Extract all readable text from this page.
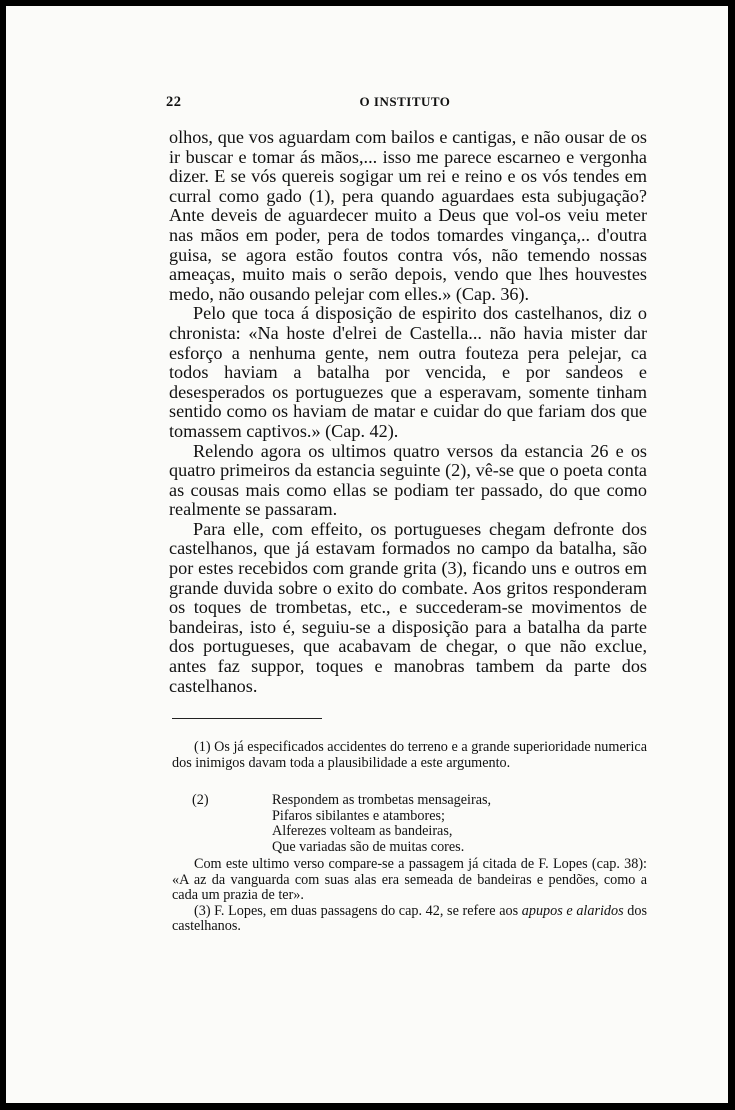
22	O INSTITUTO

olhos, que vos aguardam com bailos e cantigas, e não ousar de os ir buscar e tomar ás mãos,... isso me parece escarneo e vergonha dizer. E se vós quereis sogigar um rei e reino e os vós tendes em curral como gado (1), pera quando aguardaes esta subjugação? Ante deveis de aguardecer muito a Deus que vol-os veiu meter nas mãos em poder, pera de todos tomardes vingança,.. d'outra guisa, se agora estão foutos contra vós, não temendo nossas ameaças, muito mais o serão depois, vendo que lhes houvestes medo, não ousando pelejar com elles.» (Cap. 36).

Pelo que toca á disposição de espirito dos castelhanos, diz o chronista: «Na hoste d'elrei de Castella... não havia mister dar esforço a nenhuma gente, nem outra fouteza pera pelejar, ca todos haviam a batalha por vencida, e por sandeos e desesperados os portuguezes que a esperavam, somente tinham sentido como os haviam de matar e cuidar do que fariam dos que tomassem captivos.» (Cap. 42).

Relendo agora os ultimos quatro versos da estancia 26 e os quatro primeiros da estancia seguinte (2), vê-se que o poeta conta as cousas mais como ellas se podiam ter passado, do que como realmente se passaram.

Para elle, com effeito, os portugueses chegam defronte dos castelhanos, que já estavam formados no campo da batalha, são por estes recebidos com grande grita (3), ficando uns e outros em grande duvida sobre o exito do combate. Aos gritos responderam os toques de trombetas, etc., e succederam-se movimentos de bandeiras, isto é, seguiu-se a disposição para a batalha da parte dos portugueses, que acabavam de chegar, o que não exclue, antes faz suppor, toques e manobras tambem da parte dos castelhanos.

(1) Os já especificados accidentes do terreno e a grande superioridade numerica dos inimigos davam toda a plausibilidade a este argumento.

(2)	Respondem as trombetas mensageiras,
Pifaros sibilantes e atambores;
Alferezes volteam as bandeiras,
Que variadas são de muitas cores.

Com este ultimo verso compare-se a passagem já citada de F. Lopes (cap. 38): «A az da vanguarda com suas alas era semeada de bandeiras e pendões, como a cada um prazia de ter».

(3) F. Lopes, em duas passagens do cap. 42, se refere aos apupos e alaridos dos castelhanos.
